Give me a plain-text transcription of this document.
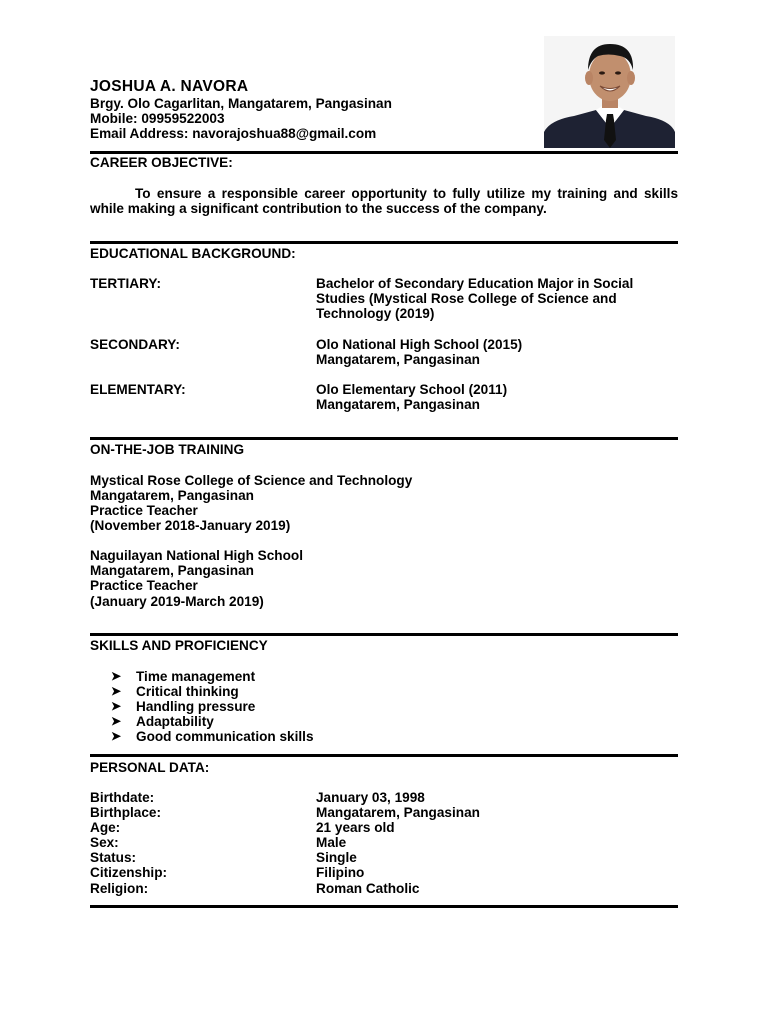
JOSHUA A. NAVORA
Brgy. Olo Cagarlitan, Mangatarem, Pangasinan
Mobile: 09959522003
Email Address: navorajoshua88@gmail.com
CAREER OBJECTIVE:
To ensure a responsible career opportunity to fully utilize my training and skills while making a significant contribution to the success of the company.
EDUCATIONAL BACKGROUND:
TERTIARY:	Bachelor of Secondary Education Major in Social Studies (Mystical Rose College of Science and Technology (2019)
SECONDARY:	Olo National High School (2015)
Mangatarem, Pangasinan
ELEMENTARY:	Olo Elementary School (2011)
Mangatarem, Pangasinan
ON-THE-JOB TRAINING
Mystical Rose College of Science and Technology
Mangatarem, Pangasinan
Practice Teacher
(November 2018-January 2019)
Naguilayan National High School
Mangatarem, Pangasinan
Practice Teacher
(January 2019-March 2019)
SKILLS AND PROFICIENCY
➤ Time management
➤ Critical thinking
➤ Handling pressure
➤ Adaptability
➤ Good communication skills
PERSONAL DATA:
Birthdate:	January 03, 1998
Birthplace:	Mangatarem, Pangasinan
Age:	21 years old
Sex:	Male
Status:	Single
Citizenship:	Filipino
Religion:	Roman Catholic
